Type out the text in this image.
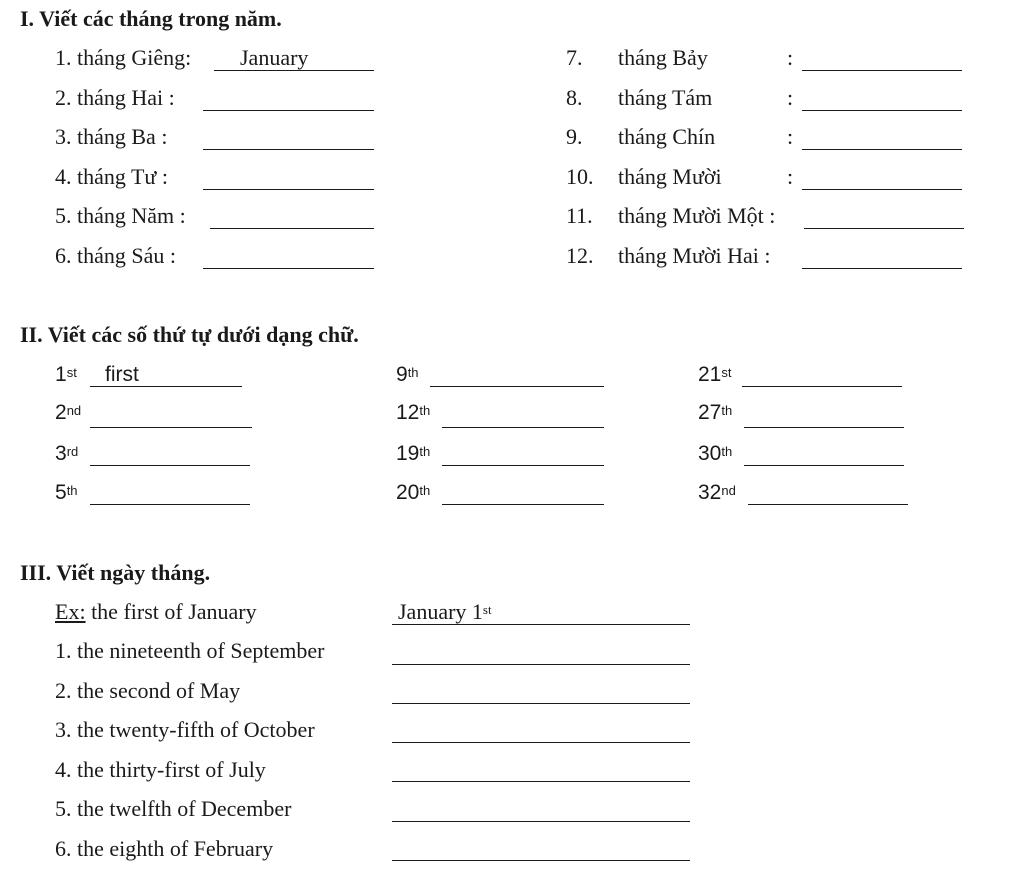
I. Viết các tháng trong năm.
1. tháng Giêng: January
2. tháng Hai :
3. tháng Ba :
4. tháng Tư :
5. tháng Năm :
6. tháng Sáu :
7. tháng Bảy	:
8. tháng Tám	:
9. tháng Chín	:
10. tháng Mười	:
11. tháng Mười Một :
12. tháng Mười Hai :
II. Viết các số thứ tự dưới dạng chữ.
1st first
2nd
3rd
5th
9th
12th
19th
20th
21st
27th
30th
32nd
III. Viết ngày tháng.
Ex: the first of January	January 1st
1. the nineteenth of September
2. the second of May
3. the twenty-fifth of October
4. the thirty-first of July
5. the twelfth of December
6. the eighth of February
